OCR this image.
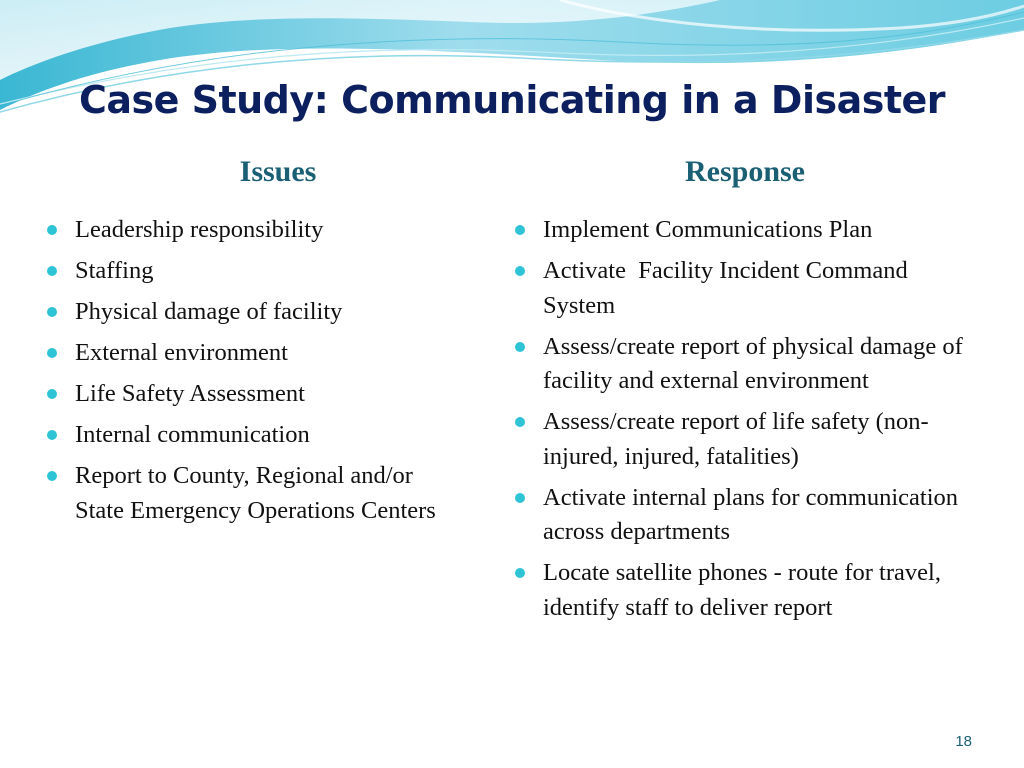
Case Study: Communicating in a Disaster
Issues	Response
Leadership responsibility
Staffing
Physical damage of facility
External environment
Life Safety Assessment
Internal communication
Report to County, Regional and/or State Emergency Operations Centers
Implement Communications Plan
Activate  Facility Incident Command System
Assess/create report of physical damage of facility and external environment
Assess/create report of life safety (non- injured, injured, fatalities)
Activate internal plans for communication across departments
Locate satellite phones - route for travel, identify staff to deliver report
18
